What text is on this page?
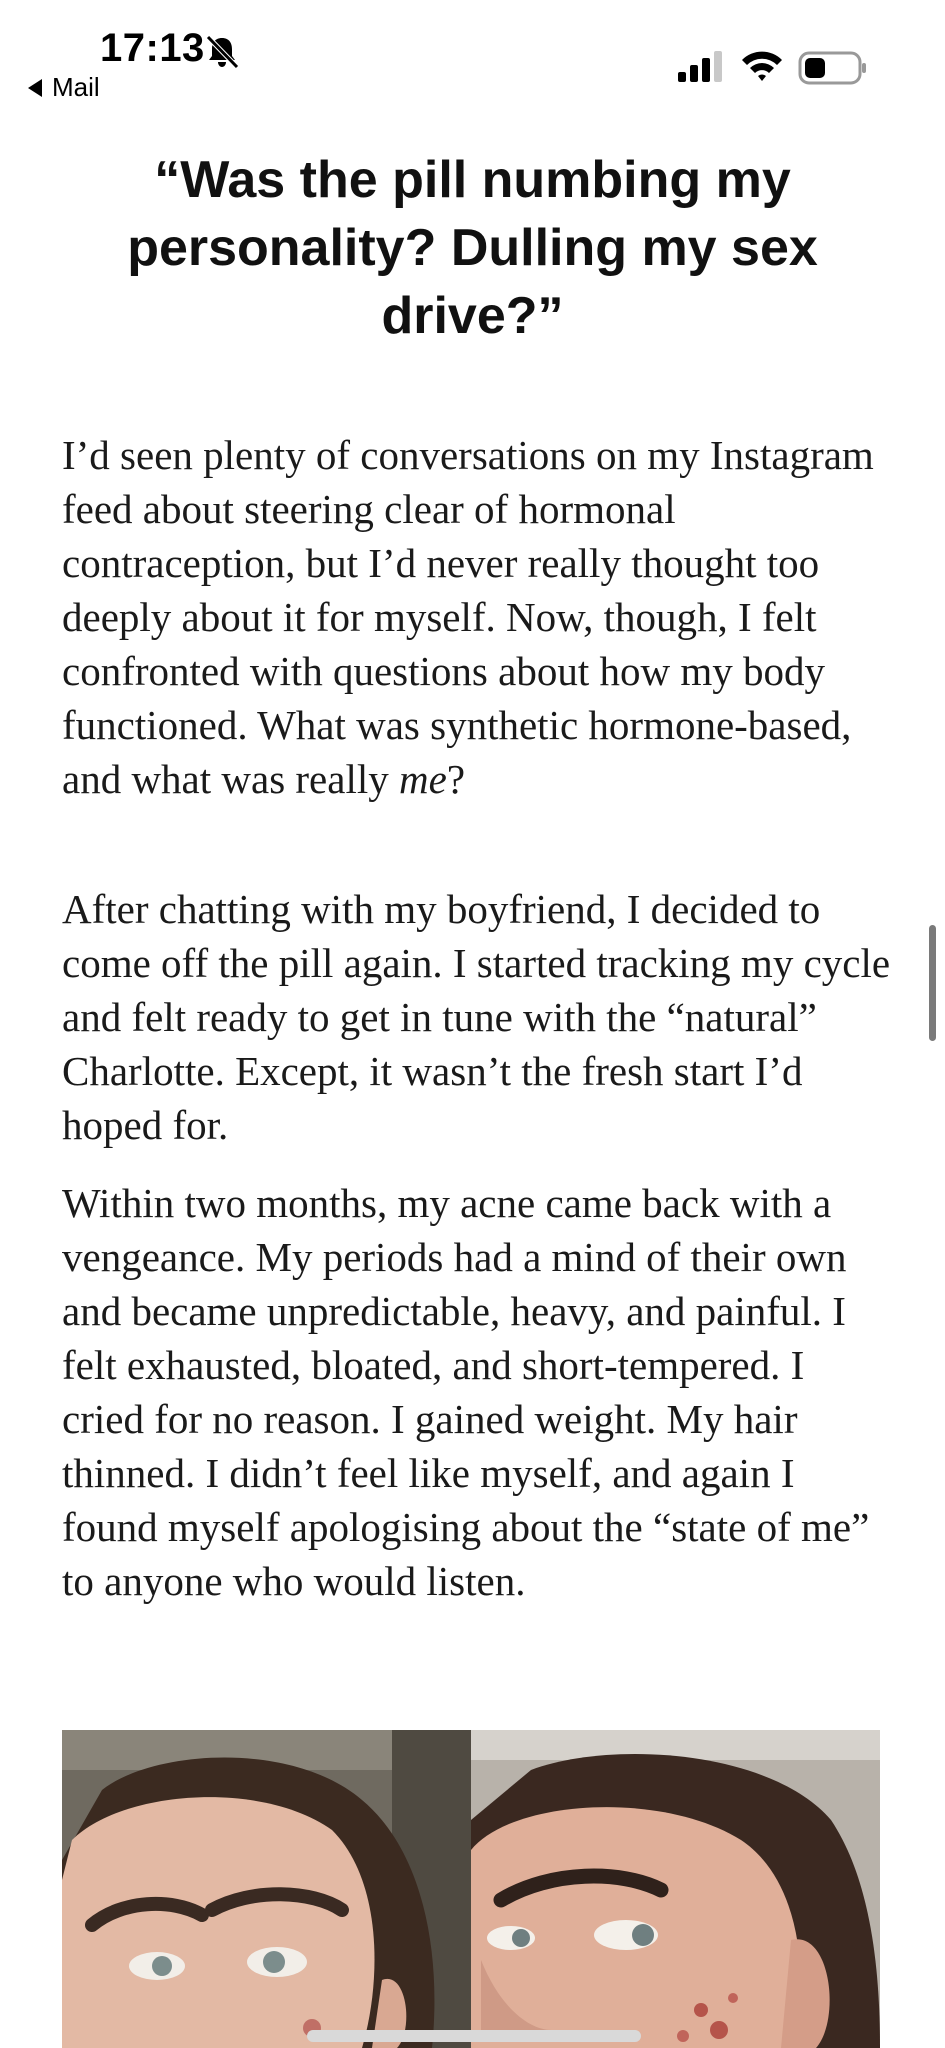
17:13
Mail
“Was the pill numbing my personality? Dulling my sex drive?”

I’d seen plenty of conversations on my Instagram feed about steering clear of hormonal contraception, but I’d never really thought too deeply about it for myself. Now, though, I felt confronted with questions about how my body functioned. What was synthetic hormone-based, and what was really me?

After chatting with my boyfriend, I decided to come off the pill again. I started tracking my cycle and felt ready to get in tune with the “natural” Charlotte. Except, it wasn’t the fresh start I’d hoped for.

Within two months, my acne came back with a vengeance. My periods had a mind of their own and became unpredictable, heavy, and painful. I felt exhausted, bloated, and short-tempered. I cried for no reason. I gained weight. My hair thinned. I didn’t feel like myself, and again I found myself apologising about the “state of me” to anyone who would listen.
